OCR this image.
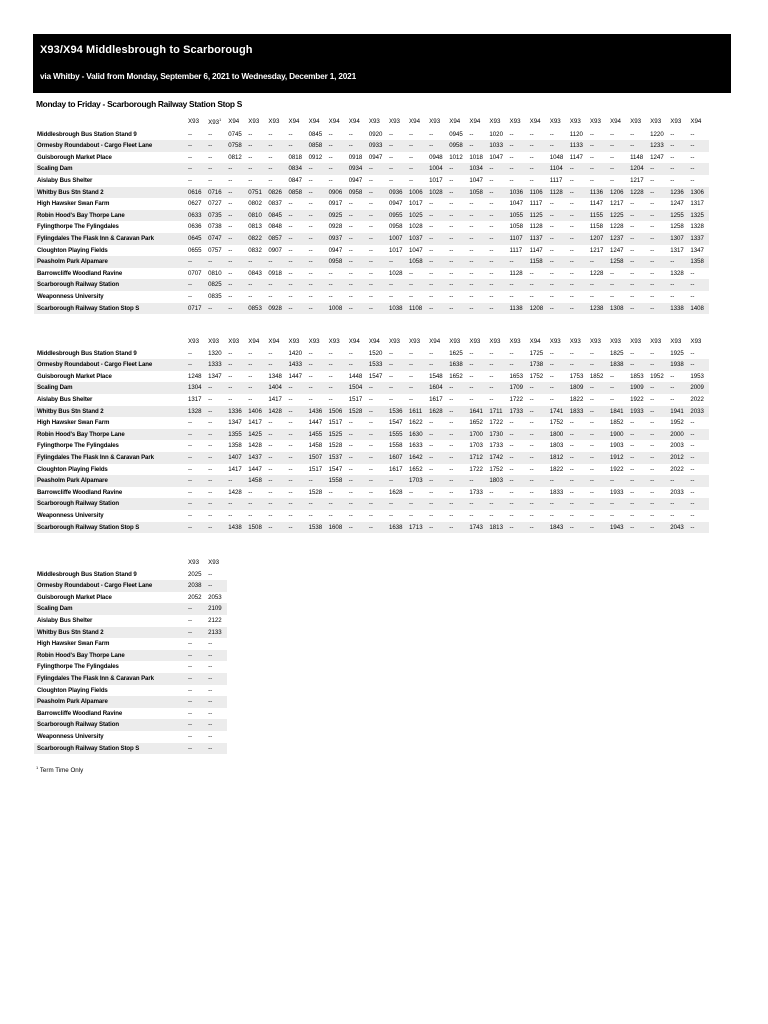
X93/X94 Middlesbrough to Scarborough
via Whitby - Valid from Monday, September 6, 2021 to Wednesday, December 1, 2021
Monday to Friday - Scarborough Railway Station Stop S
	X93	$X93^1$	X94	X93	X93	X94	X94	X94	X94	X93	X93	X94	X93	X94	X94	X93	X93	X94	X93	X93	X93	X94	X93	X93	X93	X94
Middlesbrough Bus Station Stand 9	--	--	0745	--	--	--	0845	--	--	0920	--	--	--	0945	--	1020	--	--	--	1120	--	--	--	1220	--	--
Ormesby Roundabout - Cargo Fleet Lane	--	--	0758	--	--	--	0858	--	--	0933	--	--	--	0958	--	1033	--	--	--	1133	--	--	--	1233	--	--
Guisborough Market Place	--	--	0812	--	--	0818	0912	--	0918	0947	--	--	0948	1012	1018	1047	--	--	1048	1147	--	--	1148	1247	--	--
Scaling Dam	--	--	--	--	--	0834	--	--	0934	--	--	--	1004	--	1034	--	--	--	1104	--	--	--	1204	--	--	--
Aislaby Bus Shelter	--	--	--	--	--	0847	--	--	0947	--	--	--	1017	--	1047	--	--	--	1117	--	--	--	1217	--	--	--
Whitby Bus Stn Stand 2	0616	0716	--	0751	0826	0858	--	0906	0958	--	0936	1006	1028	--	1058	--	1036	1106	1128	--	1136	1206	1228	--	1236	1306
High Hawsker Swan Farm	0627	0727	--	0802	0837	--	--	0917	--	--	0947	1017	--	--	--	--	1047	1117	--	--	1147	1217	--	--	1247	1317
Robin Hood's Bay Thorpe Lane	0633	0735	--	0810	0845	--	--	0925	--	--	0955	1025	--	--	--	--	1055	1125	--	--	1155	1225	--	--	1255	1325
Fylingthorpe The Fylingdales	0636	0738	--	0813	0848	--	--	0928	--	--	0958	1028	--	--	--	--	1058	1128	--	--	1158	1228	--	--	1258	1328
Fylingdales The Flask Inn & Caravan Park	0645	0747	--	0822	0857	--	--	0937	--	--	1007	1037	--	--	--	--	1107	1137	--	--	1207	1237	--	--	1307	1337
Cloughton Playing Fields	0655	0757	--	0832	0907	--	--	0947	--	--	1017	1047	--	--	--	--	1117	1147	--	--	1217	1247	--	--	1317	1347
Peasholm Park Alpamare	--	--	--	--	--	--	--	0958	--	--	--	1058	--	--	--	--	--	1158	--	--	--	1258	--	--	--	1358
Barrowcliffe Woodland Ravine	0707	0810	--	0843	0918	--	--	--	--	--	1028	--	--	--	--	--	1128	--	--	--	1228	--	--	--	1328	--
Scarborough Railway Station	--	0825	--	--	--	--	--	--	--	--	--	--	--	--	--	--	--	--	--	--	--	--	--	--	--	--
Weaponness University	--	0835	--	--	--	--	--	--	--	--	--	--	--	--	--	--	--	--	--	--	--	--	--	--	--	--
Scarborough Railway Station Stop S	0717	--	--	0853	0928	--	--	1008	--	--	1038	1108	--	--	--	--	1138	1208	--	--	1238	1308	--	--	1338	1408
	X93	X93	X93	X94	X94	X93	X93	X93	X94	X94	X93	X93	X94	X93	X93	X93	X93	X94	X93	X93	X93	X93	X93	X93	X93	X93
Middlesbrough Bus Station Stand 9	--	1320	--	--	--	1420	--	--	--	1520	--	--	--	1625	--	--	--	1725	--	--	--	1825	--	--	1925	--
Ormesby Roundabout - Cargo Fleet Lane	--	1333	--	--	--	1433	--	--	--	1533	--	--	--	1638	--	--	--	1738	--	--	--	1838	--	--	1938	--
Guisborough Market Place	1248	1347	--	--	1348	1447	--	--	1448	1547	--	--	1548	1652	--	--	1653	1752	--	1753	1852	--	1853	1952	--	1953
Scaling Dam	1304	--	--	--	1404	--	--	--	1504	--	--	--	1604	--	--	--	1709	--	--	1809	--	--	1909	--	--	2009
Aislaby Bus Shelter	1317	--	--	--	1417	--	--	--	1517	--	--	--	1617	--	--	--	1722	--	--	1822	--	--	1922	--	--	2022
Whitby Bus Stn Stand 2	1328	--	1336	1406	1428	--	1436	1506	1528	--	1536	1611	1628	--	1641	1711	1733	--	1741	1833	--	1841	1933	--	1941	2033
High Hawsker Swan Farm	--	--	1347	1417	--	--	1447	1517	--	--	1547	1622	--	--	1652	1722	--	--	1752	--	--	1852	--	--	1952	--
Robin Hood's Bay Thorpe Lane	--	--	1355	1425	--	--	1455	1525	--	--	1555	1630	--	--	1700	1730	--	--	1800	--	--	1900	--	--	2000	--
Fylingthorpe The Fylingdales	--	--	1358	1428	--	--	1458	1528	--	--	1558	1633	--	--	1703	1733	--	--	1803	--	--	1903	--	--	2003	--
Fylingdales The Flask Inn & Caravan Park	--	--	1407	1437	--	--	1507	1537	--	--	1607	1642	--	--	1712	1742	--	--	1812	--	--	1912	--	--	2012	--
Cloughton Playing Fields	--	--	1417	1447	--	--	1517	1547	--	--	1617	1652	--	--	1722	1752	--	--	1822	--	--	1922	--	--	2022	--
Peasholm Park Alpamare	--	--	--	1458	--	--	--	1558	--	--	--	1703	--	--	--	1803	--	--	--	--	--	--	--	--	--	--
Barrowcliffe Woodland Ravine	--	--	1428	--	--	--	1528	--	--	--	1628	--	--	--	1733	--	--	--	1833	--	--	1933	--	--	2033	--
Scarborough Railway Station	--	--	--	--	--	--	--	--	--	--	--	--	--	--	--	--	--	--	--	--	--	--	--	--	--	--
Weaponness University	--	--	--	--	--	--	--	--	--	--	--	--	--	--	--	--	--	--	--	--	--	--	--	--	--	--
Scarborough Railway Station Stop S	--	--	1438	1508	--	--	1538	1608	--	--	1638	1713	--	--	1743	1813	--	--	1843	--	--	1943	--	--	2043	--
	X93	X93
Middlesbrough Bus Station Stand 9	2025	--
Ormesby Roundabout - Cargo Fleet Lane	2038	--
Guisborough Market Place	2052	2053
Scaling Dam	--	2109
Aislaby Bus Shelter	--	2122
Whitby Bus Stn Stand 2	--	2133
High Hawsker Swan Farm	--	--
Robin Hood's Bay Thorpe Lane	--	--
Fylingthorpe The Fylingdales	--	--
Fylingdales The Flask Inn & Caravan Park	--	--
Cloughton Playing Fields	--	--
Peasholm Park Alpamare	--	--
Barrowcliffe Woodland Ravine	--	--
Scarborough Railway Station	--	--
Weaponness University	--	--
Scarborough Railway Station Stop S	--	--
$^1$ Term Time Only
